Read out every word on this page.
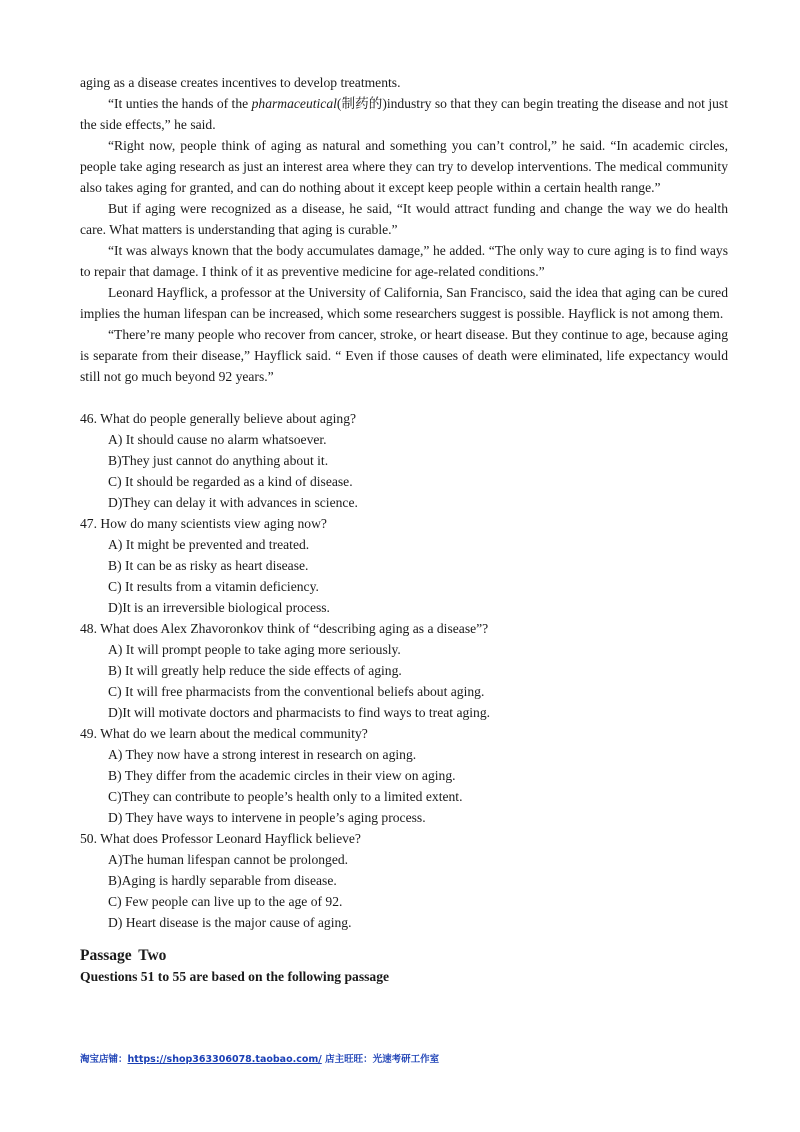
aging as a disease creates incentives to develop treatments.

“It unties the hands of the pharmaceutical(制药的)industry so that they can begin treating the disease and not just the side effects,” he said.

“Right now, people think of aging as natural and something you can’t control,” he said. “In academic circles, people take aging research as just an interest area where they can try to develop interventions. The medical community also takes aging for granted, and can do nothing about it except keep people within a certain health range.”

But if aging were recognized as a disease, he said, “It would attract funding and change the way we do health care. What matters is understanding that aging is curable.”

“It was always known that the body accumulates damage,” he added. “The only way to cure aging is to find ways to repair that damage. I think of it as preventive medicine for age-related conditions.”

Leonard Hayflick, a professor at the University of California, San Francisco, said the idea that aging can be cured implies the human lifespan can be increased, which some researchers suggest is possible. Hayflick is not among them.

“There’re many people who recover from cancer, stroke, or heart disease. But they continue to age, because aging is separate from their disease,” Hayflick said. “ Even if those causes of death were eliminated, life expectancy would still not go much beyond 92 years.”

46. What do people generally believe about aging?

A) It should cause no alarm whatsoever.

B)They just cannot do anything about it.

C) It should be regarded as a kind of disease.

D)They can delay it with advances in science.

47. How do many scientists view aging now?

A) It might be prevented and treated.

B) It can be as risky as heart disease.

C) It results from a vitamin deficiency.

D)It is an irreversible biological process.

48. What does Alex Zhavoronkov think of “describing aging as a disease”?

A) It will prompt people to take aging more seriously.

B) It will greatly help reduce the side effects of aging.

C) It will free pharmacists from the conventional beliefs about aging.

D)It will motivate doctors and pharmacists to find ways to treat aging.

49. What do we learn about the medical community?

A) They now have a strong interest in research on aging.

B) They differ from the academic circles in their view on aging.

C)They can contribute to people’s health only to a limited extent.

D) They have ways to intervene in people’s aging process.

50. What does Professor Leonard Hayflick believe?

A)The human lifespan cannot be prolonged.

B)Aging is hardly separable from disease.

C) Few people can live up to the age of 92.

D) Heart disease is the major cause of aging.

Passage Two

Questions 51 to 55 are based on the following passage

淘宝店铺：https://shop363306078.taobao.com/ 店主旺旺：光速考研工作室
